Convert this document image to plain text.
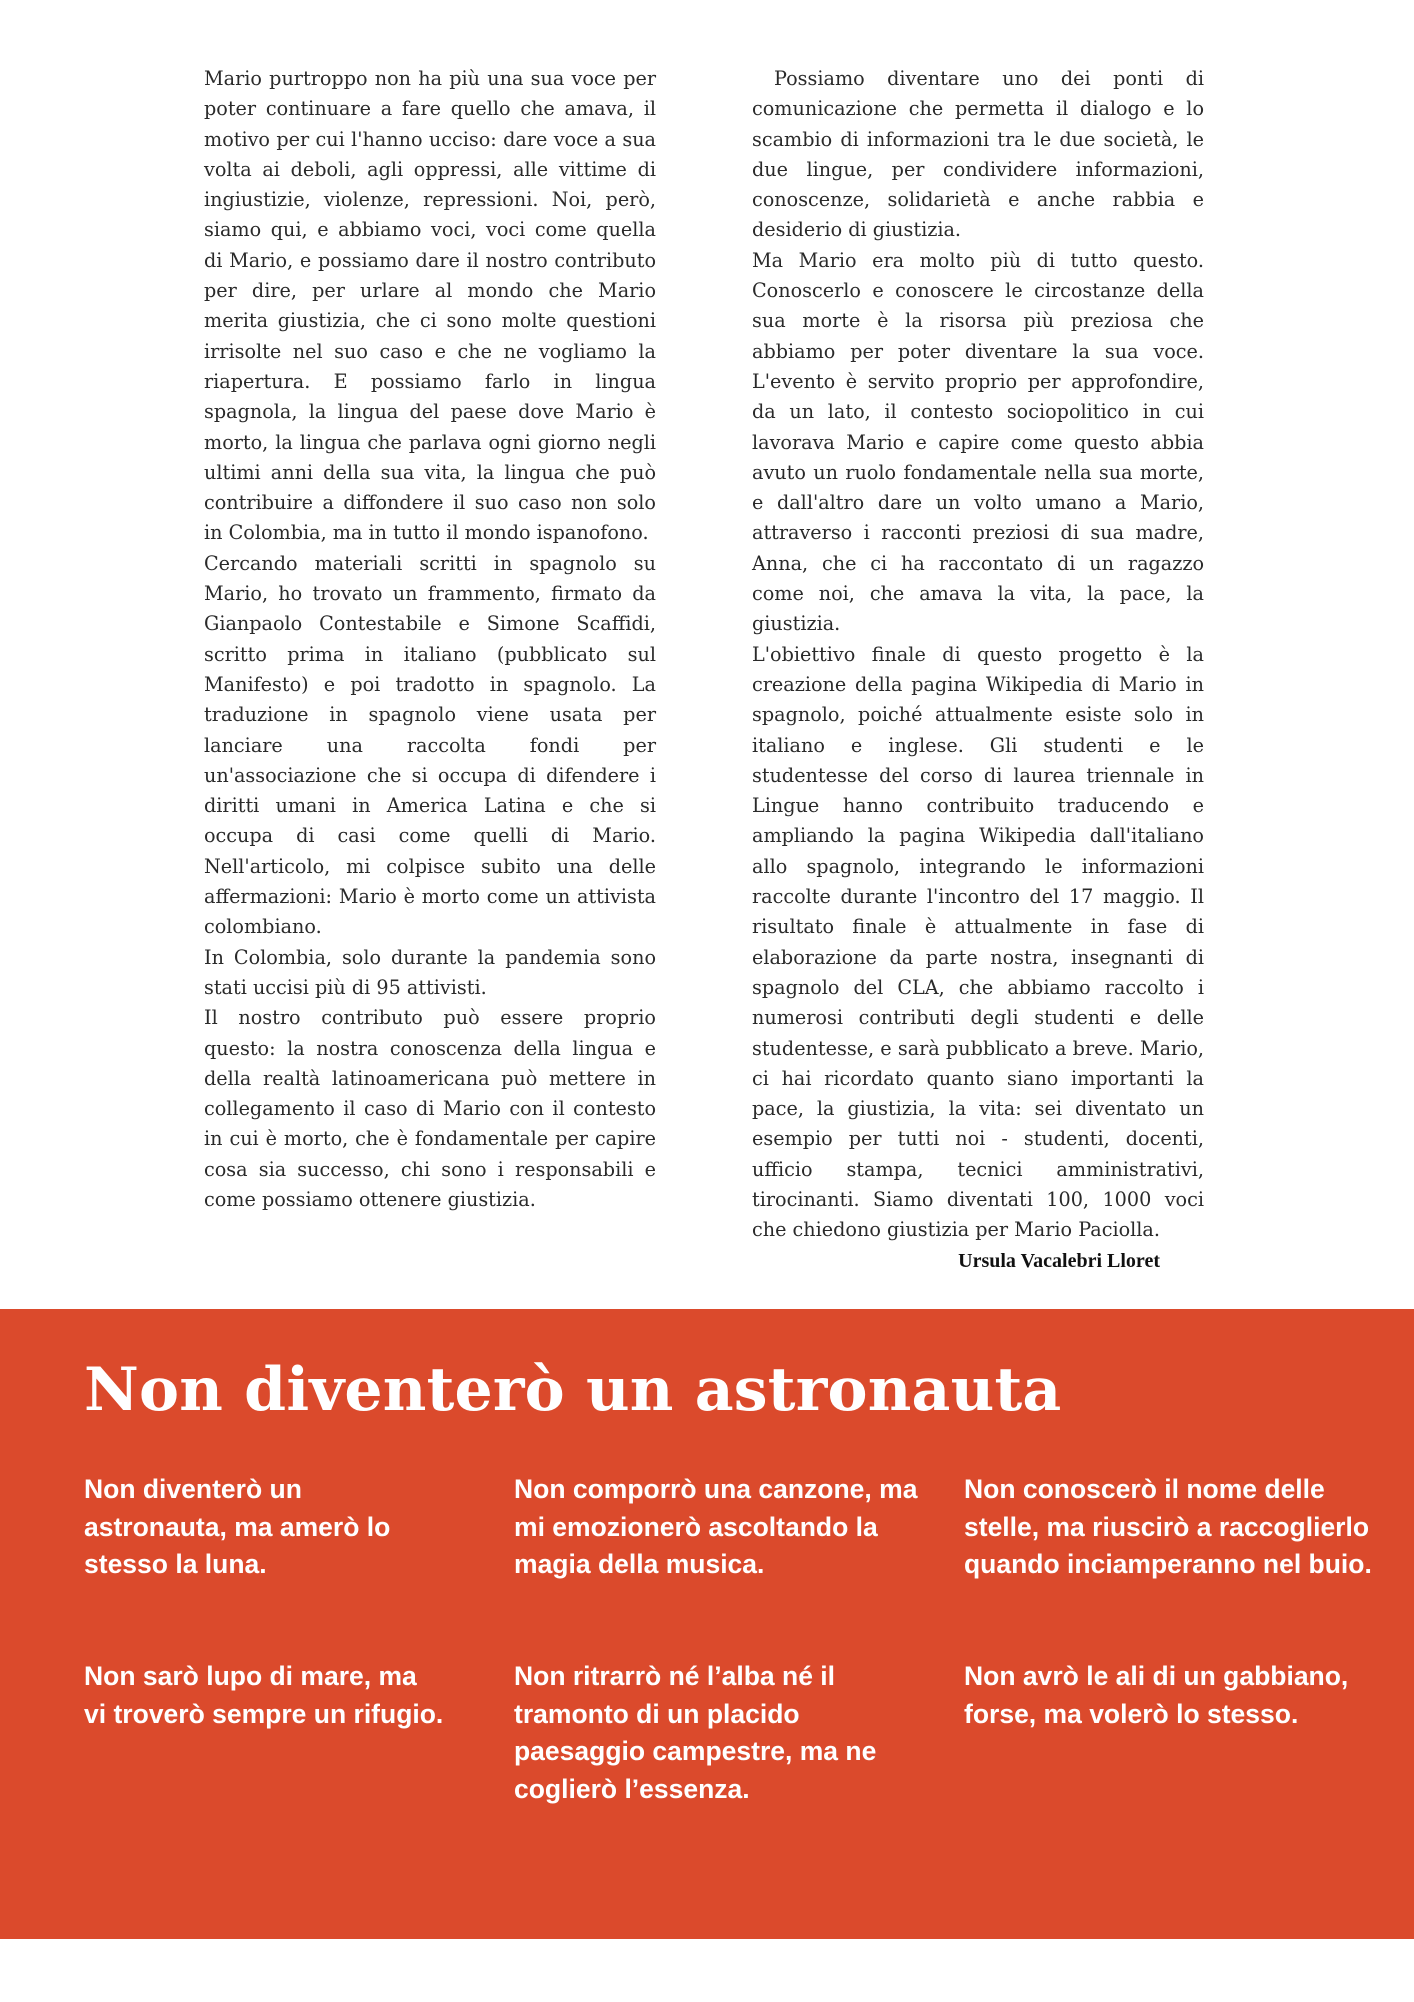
Mario purtroppo non ha più una sua voce per poter continuare a fare quello che amava, il motivo per cui l'hanno ucciso: dare voce a sua volta ai deboli, agli oppressi, alle vittime di ingiustizie, violenze, repressioni. Noi, però, siamo qui, e abbiamo voci, voci come quella di Mario, e possiamo dare il nostro contributo per dire, per urlare al mondo che Mario merita giustizia, che ci sono molte questioni irrisolte nel suo caso e che ne vogliamo la riapertura. E possiamo farlo in lingua spagnola, la lingua del paese dove Mario è morto, la lingua che parlava ogni giorno negli ultimi anni della sua vita, la lingua che può contribuire a diffondere il suo caso non solo in Colombia, ma in tutto il mondo ispanofono.

Cercando materiali scritti in spagnolo su Mario, ho trovato un frammento, firmato da Gianpaolo Contestabile e Simone Scaffidi, scritto prima in italiano (pubblicato sul Manifesto) e poi tradotto in spagnolo. La traduzione in spagnolo viene usata per lanciare una raccolta fondi per un'associazione che si occupa di difendere i diritti umani in America Latina e che si occupa di casi come quelli di Mario. Nell'articolo, mi colpisce subito una delle affermazioni: Mario è morto come un attivista colombiano.

In Colombia, solo durante la pandemia sono stati uccisi più di 95 attivisti.

Il nostro contributo può essere proprio questo: la nostra conoscenza della lingua e della realtà latinoamericana può mettere in collegamento il caso di Mario con il contesto in cui è morto, che è fondamentale per capire cosa sia successo, chi sono i responsabili e come possiamo ottenere giustizia.

Possiamo diventare uno dei ponti di comunicazione che permetta il dialogo e lo scambio di informazioni tra le due società, le due lingue, per condividere informazioni, conoscenze, solidarietà e anche rabbia e desiderio di giustizia.

Ma Mario era molto più di tutto questo. Conoscerlo e conoscere le circostanze della sua morte è la risorsa più preziosa che abbiamo per poter diventare la sua voce. L'evento è servito proprio per approfondire, da un lato, il contesto sociopolitico in cui lavorava Mario e capire come questo abbia avuto un ruolo fondamentale nella sua morte, e dall'altro dare un volto umano a Mario, attraverso i racconti preziosi di sua madre, Anna, che ci ha raccontato di un ragazzo come noi, che amava la vita, la pace, la giustizia.

L'obiettivo finale di questo progetto è la creazione della pagina Wikipedia di Mario in spagnolo, poiché attualmente esiste solo in italiano e inglese. Gli studenti e le studentesse del corso di laurea triennale in Lingue hanno contribuito traducendo e ampliando la pagina Wikipedia dall'italiano allo spagnolo, integrando le informazioni raccolte durante l'incontro del 17 maggio. Il risultato finale è attualmente in fase di elaborazione da parte nostra, insegnanti di spagnolo del CLA, che abbiamo raccolto i numerosi contributi degli studenti e delle studentesse, e sarà pubblicato a breve. Mario, ci hai ricordato quanto siano importanti la pace, la giustizia, la vita: sei diventato un esempio per tutti noi - studenti, docenti, ufficio stampa, tecnici amministrativi, tirocinanti. Siamo diventati 100, 1000 voci che chiedono giustizia per Mario Paciolla.

Ursula Vacalebri Lloret
Non diventerò un astronauta

Non diventerò un astronauta, ma amerò lo stesso la luna.

Non comporrò una canzone, ma mi emozionerò ascoltando la magia della musica.

Non conoscerò il nome delle stelle, ma riuscirò a raccoglierlo quando inciamperanno nel buio.

Non sarò lupo di mare, ma vi troverò sempre un rifugio.

Non ritrarrò né l’alba né il tramonto di un placido paesaggio campestre, ma ne coglierò l’essenza.

Non avrò le ali di un gabbiano, forse, ma volerò lo stesso.
